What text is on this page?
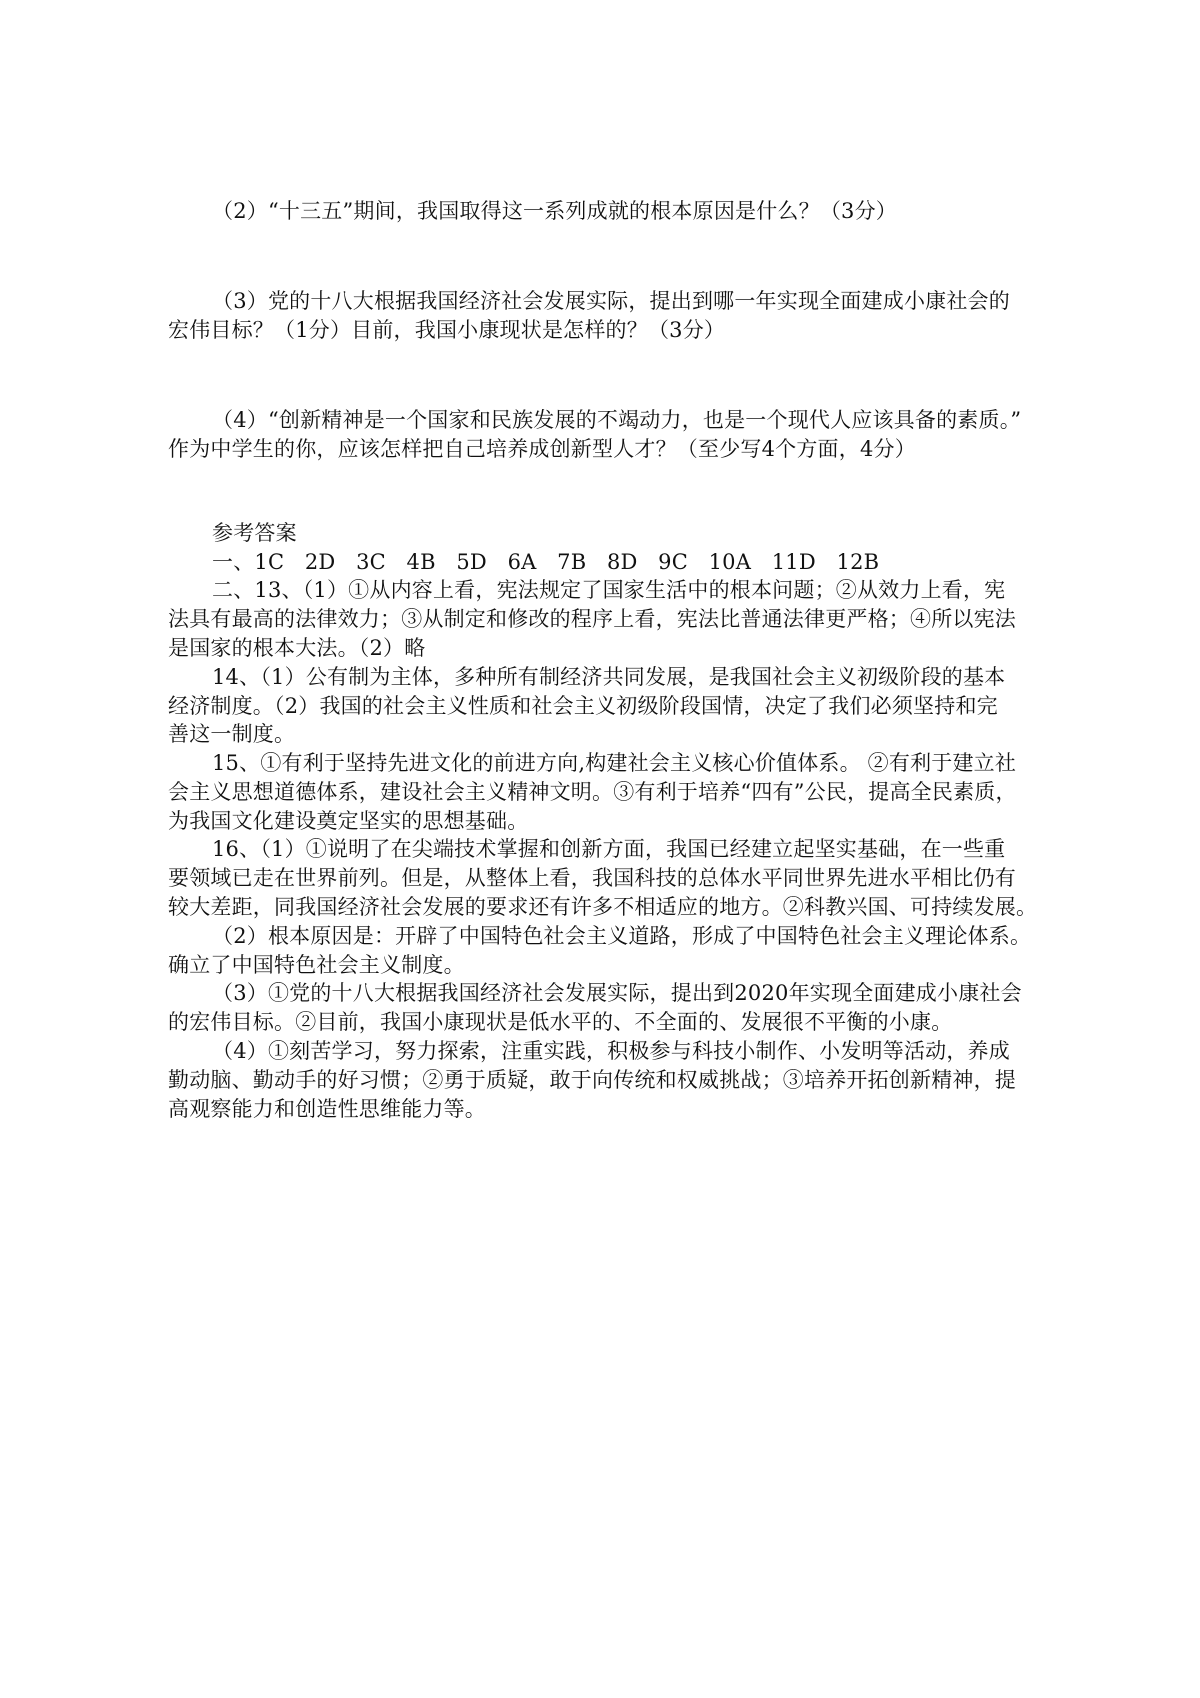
（2）“十三五”期间，我国取得这一系列成就的根本原因是什么？（3分）
（3）党的十八大根据我国经济社会发展实际，提出到哪一年实现全面建成小康社会的
宏伟目标？（1分）目前，我国小康现状是怎样的？（3分）
（4）“创新精神是一个国家和民族发展的不竭动力，也是一个现代人应该具备的素质。”
作为中学生的你，应该怎样把自己培养成创新型人才？（至少写4个方面，4分）
参考答案
一、1C   2D   3C   4B   5D   6A   7B   8D   9C   10A   11D   12B
二、13、（1）①从内容上看，宪法规定了国家生活中的根本问题；②从效力上看，宪
法具有最高的法律效力；③从制定和修改的程序上看，宪法比普通法律更严格；④所以宪法
是国家的根本大法。（2）略
14、（1）公有制为主体，多种所有制经济共同发展，是我国社会主义初级阶段的基本
经济制度。（2）我国的社会主义性质和社会主义初级阶段国情，决定了我们必须坚持和完
善这一制度。
15、①有利于坚持先进文化的前进方向,构建社会主义核心价值体系。 ②有利于建立社
会主义思想道德体系，建设社会主义精神文明。③有利于培养“四有”公民，提高全民素质，
为我国文化建设奠定坚实的思想基础。
16、（1）①说明了在尖端技术掌握和创新方面，我国已经建立起坚实基础，在一些重
要领域已走在世界前列。但是，从整体上看，我国科技的总体水平同世界先进水平相比仍有
较大差距，同我国经济社会发展的要求还有许多不相适应的地方。②科教兴国、可持续发展。
（2）根本原因是：开辟了中国特色社会主义道路，形成了中国特色社会主义理论体系。
确立了中国特色社会主义制度。
（3）①党的十八大根据我国经济社会发展实际，提出到2020年实现全面建成小康社会
的宏伟目标。②目前，我国小康现状是低水平的、不全面的、发展很不平衡的小康。
（4）①刻苦学习，努力探索，注重实践，积极参与科技小制作、小发明等活动，养成
勤动脑、勤动手的好习惯；②勇于质疑，敢于向传统和权威挑战；③培养开拓创新精神，提
高观察能力和创造性思维能力等。
